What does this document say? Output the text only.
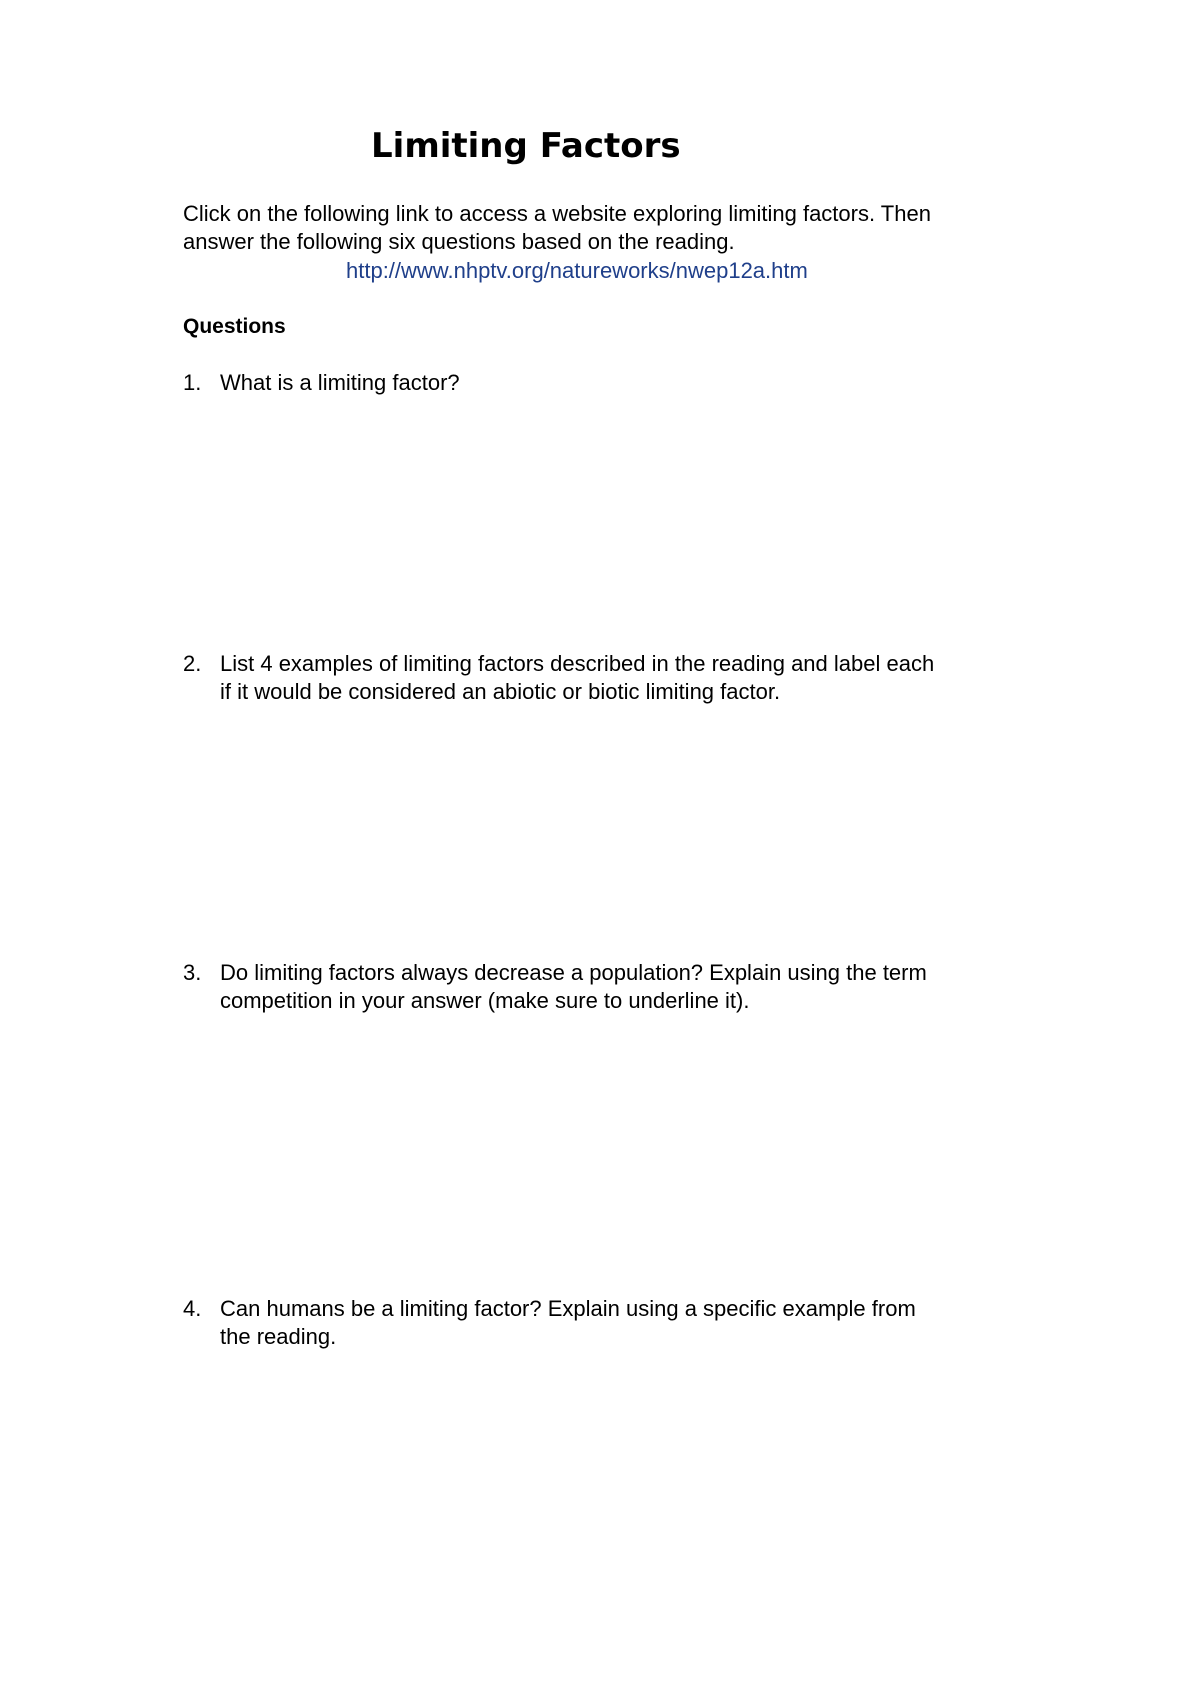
Limiting Factors
Click on the following link to access a website exploring limiting factors. Then
answer the following six questions based on the reading.
http://www.nhptv.org/natureworks/nwep12a.htm
Questions
1. What is a limiting factor?
2. List 4 examples of limiting factors described in the reading and label each
if it would be considered an abiotic or biotic limiting factor.
3. Do limiting factors always decrease a population? Explain using the term
competition in your answer (make sure to underline it).
4. Can humans be a limiting factor? Explain using a specific example from
the reading.
